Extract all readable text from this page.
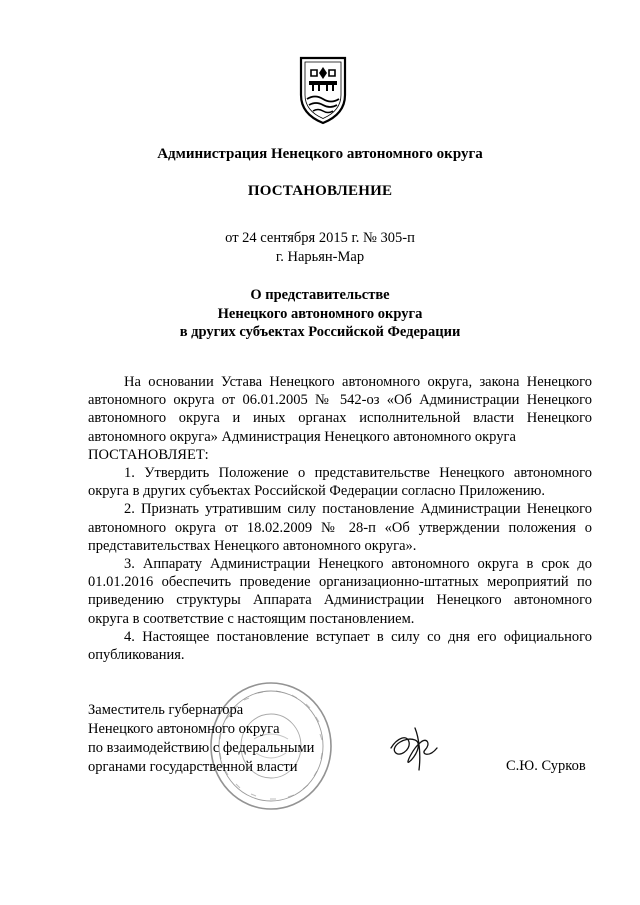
Администрация Ненецкого автономного округа
ПОСТАНОВЛЕНИЕ
от 24 сентября 2015 г. № 305-п
г. Нарьян-Мар
О представительстве
Ненецкого автономного округа
в других субъектах Российской Федерации

На основании Устава Ненецкого автономного округа, закона Ненецкого автономного округа от 06.01.2005 № 542-оз «Об Администрации Ненецкого автономного округа и иных органах исполнительной власти Ненецкого автономного округа» Администрация Ненецкого автономного округа

ПОСТАНОВЛЯЕТ:

1. Утвердить Положение о представительстве Ненецкого автономного округа в других субъектах Российской Федерации согласно Приложению.

2. Признать утратившим силу постановление Администрации Ненецкого автономного округа от 18.02.2009 № 28-п «Об утверждении положения о представительствах Ненецкого автономного округа».

3. Аппарату Администрации Ненецкого автономного округа в срок до 01.01.2016 обеспечить проведение организационно-штатных мероприятий по приведению структуры Аппарата Администрации Ненецкого автономного округа в соответствие с настоящим постановлением.

4. Настоящее постановление вступает в силу со дня его официального опубликования.

Заместитель губернатора
Ненецкого автономного округа
по взаимодействию с федеральными
органами государственной власти	С.Ю. Сурков
